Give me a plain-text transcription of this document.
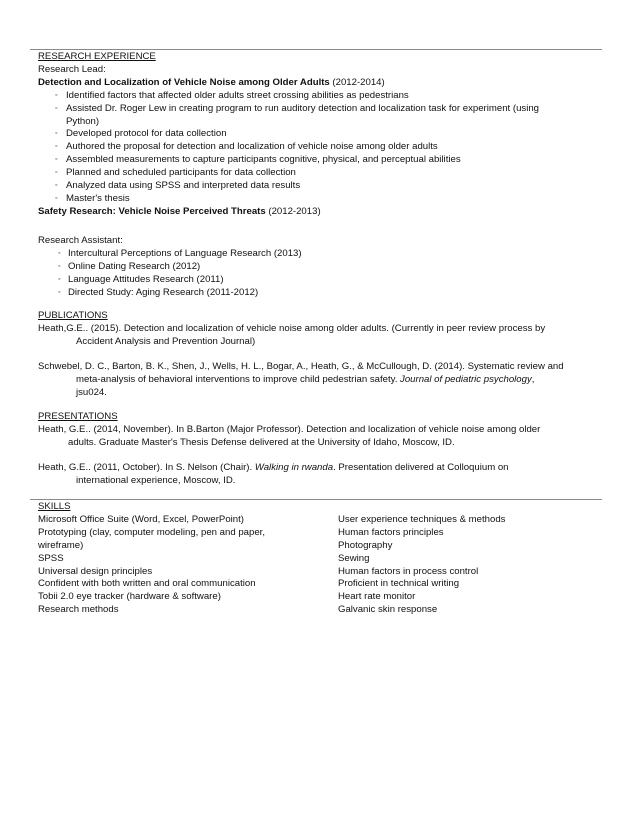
RESEARCH EXPERIENCE
Research Lead:
Detection and Localization of Vehicle Noise among Older Adults (2012-2014)
◦ Identified factors that affected older adults street crossing abilities as pedestrians
◦ Assisted Dr. Roger Lew in creating program to run auditory detection and localization task for experiment (using
Python)
◦ Developed protocol for data collection
◦ Authored the proposal for detection and localization of vehicle noise among older adults
◦ Assembled measurements to capture participants cognitive, physical, and perceptual abilities
◦ Planned and scheduled participants for data collection
◦ Analyzed data using SPSS and interpreted data results
◦ Master's thesis
Safety Research: Vehicle Noise Perceived Threats (2012-2013)
Research Assistant:
◦ Intercultural Perceptions of Language Research (2013)
◦ Online Dating Research (2012)
◦ Language Attitudes Research (2011)
◦ Directed Study: Aging Research (2011-2012)
PUBLICATIONS
Heath,G.E.. (2015). Detection and localization of vehicle noise among older adults. (Currently in peer review process by
Accident Analysis and Prevention Journal)
Schwebel, D. C., Barton, B. K., Shen, J., Wells, H. L., Bogar, A., Heath, G., & McCullough, D. (2014). Systematic review and
meta-analysis of behavioral interventions to improve child pedestrian safety. Journal of pediatric psychology,
jsu024.
PRESENTATIONS
Heath, G.E.. (2014, November). In B.Barton (Major Professor). Detection and localization of vehicle noise among older
adults. Graduate Master's Thesis Defense delivered at the University of Idaho, Moscow, ID.
Heath, G.E.. (2011, October). In S. Nelson (Chair). Walking in rwanda. Presentation delivered at Colloquium on
international experience, Moscow, ID.
SKILLS
Microsoft Office Suite (Word, Excel, PowerPoint)
Prototyping (clay, computer modeling, pen and paper,
wireframe)
SPSS
Universal design principles
Confident with both written and oral communication
Tobii 2.0 eye tracker (hardware & software)
Research methods
User experience techniques & methods
Human factors principles
Photography
Sewing
Human factors in process control
Proficient in technical writing
Heart rate monitor
Galvanic skin response
